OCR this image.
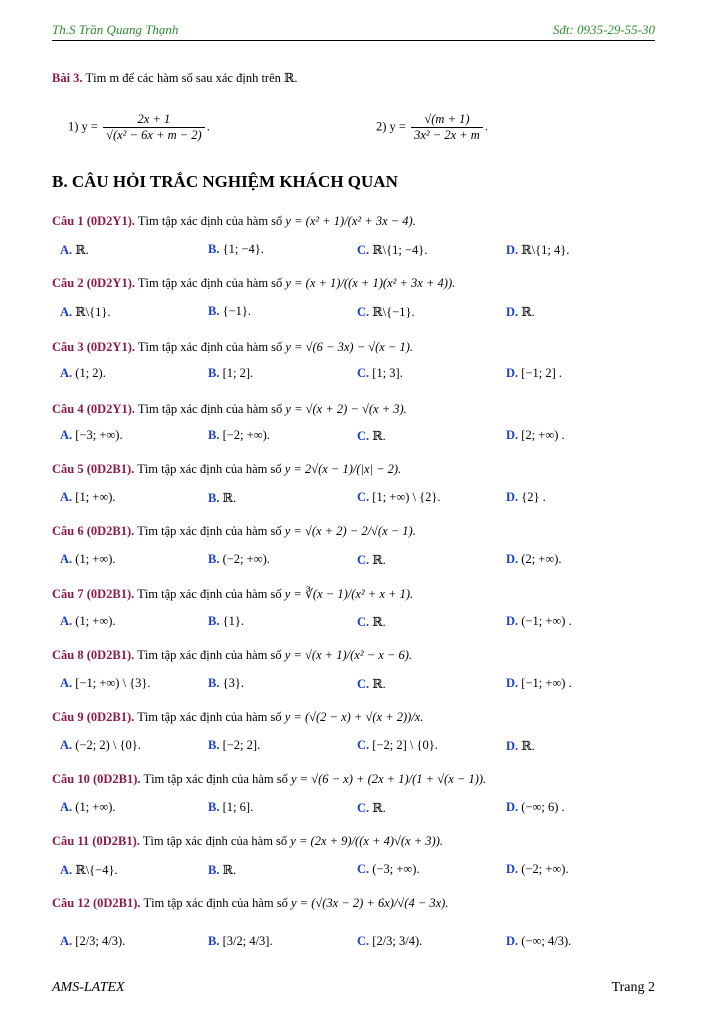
Th.S Trần Quang Thạnh	Sđt: 0935-29-55-30
Bài 3. Tìm m để các hàm số sau xác định trên ℝ.
1) $y = \frac{2x + 1}{\text{√(x² − 6x + m − 2)}}$ .	2) $y = \frac{√(m + 1)}{\text{3x² − 2x + m}}$ .
B. CÂU HỎI TRẮC NGHIỆM KHÁCH QUAN
Câu 1 (0D2Y1). Tìm tập xác định của hàm số y = (x² + 1)/(x² + 3x − 4).
A. ℝ.	B. {1; −4}.	C. ℝ\{1; −4}.	D. ℝ\{1; 4}.
Câu 2 (0D2Y1). Tìm tập xác định của hàm số y = (x + 1)/((x + 1)(x² + 3x + 4)).
A. ℝ\{1}.	B. {−1}.	C. ℝ\{−1}.	D. ℝ.
Câu 3 (0D2Y1). Tìm tập xác định của hàm số y = √(6 − 3x) − √(x − 1).
A. (1; 2).	B. [1; 2].	C. [1; 3].	D. [−1; 2] .
Câu 4 (0D2Y1). Tìm tập xác định của hàm số y = √(x + 2) − √(x + 3).
A. [−3; +∞).	B. [−2; +∞).	C. ℝ.	D. [2; +∞) .
Câu 5 (0D2B1). Tìm tập xác định của hàm số y = 2√(x − 1)/(|x| − 2).
A. [1; +∞).	B. ℝ.	C. [1; +∞) \ {2}.	D. {2} .
Câu 6 (0D2B1). Tìm tập xác định của hàm số y = √(x + 2) − 2/√(x − 1).
A. (1; +∞).	B. (−2; +∞).	C. ℝ.	D. (2; +∞).
Câu 7 (0D2B1). Tìm tập xác định của hàm số y = ∛(x − 1)/(x² + x + 1).
A. (1; +∞).	B. {1}.	C. ℝ.	D. (−1; +∞) .
Câu 8 (0D2B1). Tìm tập xác định của hàm số y = √(x + 1)/(x² − x − 6).
A. [−1; +∞) \ {3}.	B. {3}.	C. ℝ.	D. [−1; +∞) .
Câu 9 (0D2B1). Tìm tập xác định của hàm số y = (√(2 − x) + √(x + 2))/x.
A. (−2; 2) \ {0}.	B. [−2; 2].	C. [−2; 2] \ {0}.	D. ℝ.
Câu 10 (0D2B1). Tìm tập xác định của hàm số y = √(6 − x) + (2x + 1)/(1 + √(x − 1)).
A. (1; +∞).	B. [1; 6].	C. ℝ.	D. (−∞; 6) .
Câu 11 (0D2B1). Tìm tập xác định của hàm số y = (2x + 9)/((x + 4)√(x + 3)).
A. ℝ\{−4}.	B. ℝ.	C. (−3; +∞).	D. (−2; +∞).
Câu 12 (0D2B1). Tìm tập xác định của hàm số y = (√(3x − 2) + 6x)/√(4 − 3x).
A. [2/3; 4/3).	B. [3/2; 4/3].	C. [2/3; 3/4).	D. (−∞; 4/3).
AMS-LATEX	Trang 2
